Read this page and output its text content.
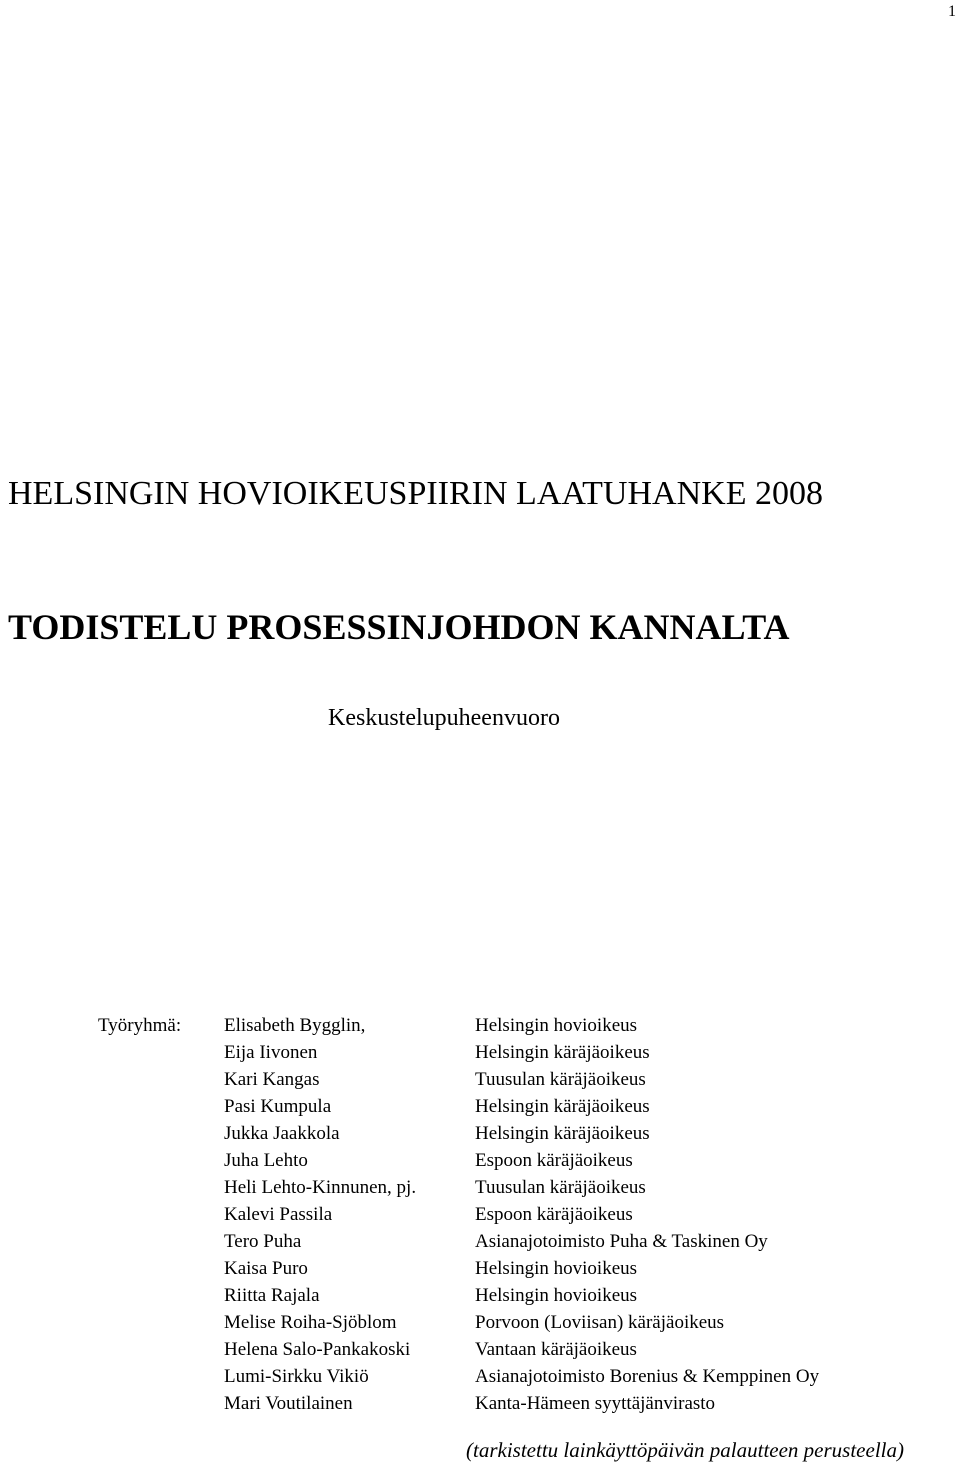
1
HELSINGIN HOVIOIKEUSPIIRIN LAATUHANKE 2008
TODISTELU PROSESSINJOHDON KANNALTA
Keskustelupuheenvuoro
Työryhmä: Elisabeth Bygglin,	Helsingin hovioikeus
Eija Iivonen	Helsingin käräjäoikeus
Kari Kangas	Tuusulan käräjäoikeus
Pasi Kumpula	Helsingin käräjäoikeus
Jukka Jaakkola	Helsingin käräjäoikeus
Juha Lehto	Espoon käräjäoikeus
Heli Lehto-Kinnunen, pj.	Tuusulan käräjäoikeus
Kalevi Passila	Espoon käräjäoikeus
Tero Puha	Asianajotoimisto Puha & Taskinen Oy
Kaisa Puro	Helsingin hovioikeus
Riitta Rajala	Helsingin hovioikeus
Melise Roiha-Sjöblom	Porvoon (Loviisan) käräjäoikeus
Helena Salo-Pankakoski	Vantaan käräjäoikeus
Lumi-Sirkku Vikiö	Asianajotoimisto Borenius & Kemppinen Oy
Mari Voutilainen	Kanta-Hämeen syyttäjänvirasto
(tarkistettu lainkäyttöpäivän palautteen perusteella)
